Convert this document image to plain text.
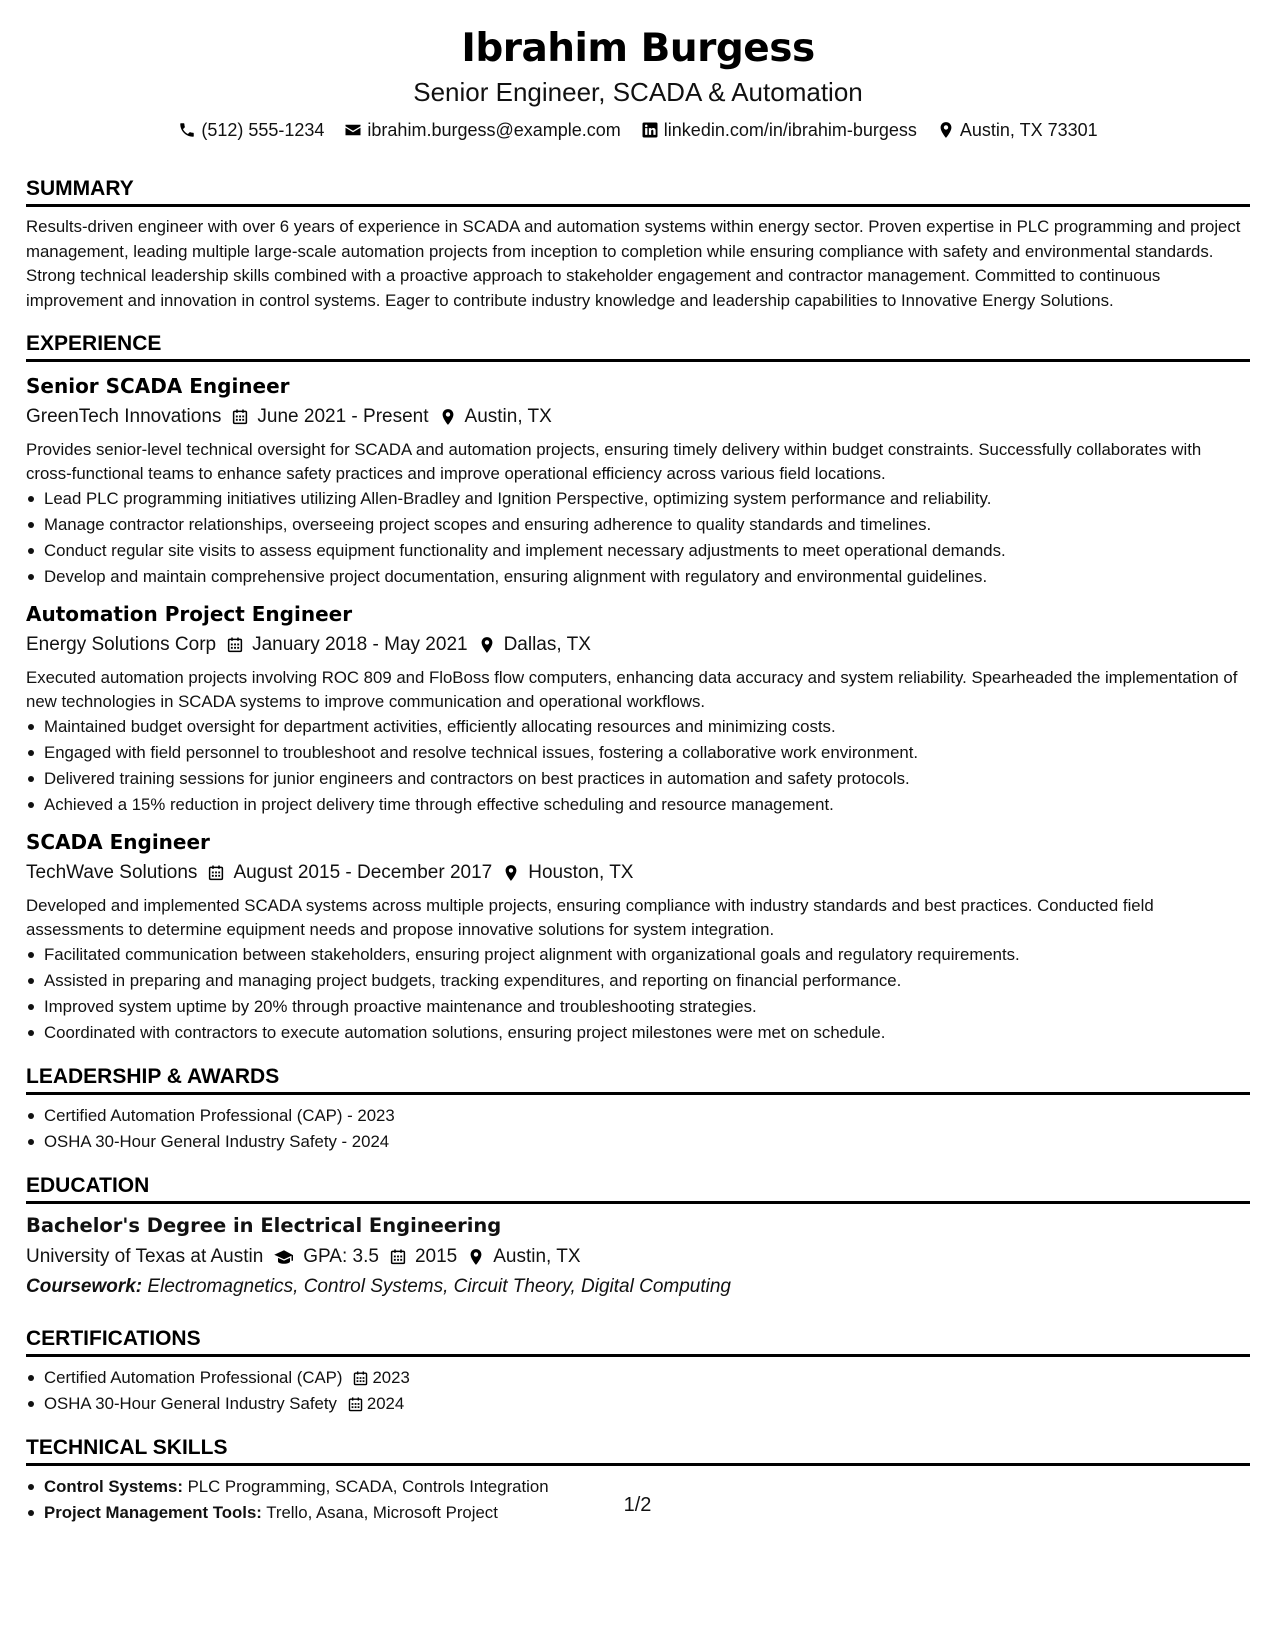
Ibrahim Burgess
Senior Engineer, SCADA & Automation
(512) 555-1234 ibrahim.burgess@example.com linkedin.com/in/ibrahim-burgess Austin, TX 73301
SUMMARY
Results-driven engineer with over 6 years of experience in SCADA and automation systems within energy sector. Proven expertise in PLC programming and project management, leading multiple large-scale automation projects from inception to completion while ensuring compliance with safety and environmental standards. Strong technical leadership skills combined with a proactive approach to stakeholder engagement and contractor management. Committed to continuous improvement and innovation in control systems. Eager to contribute industry knowledge and leadership capabilities to Innovative Energy Solutions.
EXPERIENCE
Senior SCADA Engineer
GreenTech Innovations June 2021 - Present Austin, TX
Provides senior-level technical oversight for SCADA and automation projects, ensuring timely delivery within budget constraints. Successfully collaborates with cross-functional teams to enhance safety practices and improve operational efficiency across various field locations.
Lead PLC programming initiatives utilizing Allen-Bradley and Ignition Perspective, optimizing system performance and reliability.
Manage contractor relationships, overseeing project scopes and ensuring adherence to quality standards and timelines.
Conduct regular site visits to assess equipment functionality and implement necessary adjustments to meet operational demands.
Develop and maintain comprehensive project documentation, ensuring alignment with regulatory and environmental guidelines.
Automation Project Engineer
Energy Solutions Corp January 2018 - May 2021 Dallas, TX
Executed automation projects involving ROC 809 and FloBoss flow computers, enhancing data accuracy and system reliability. Spearheaded the implementation of new technologies in SCADA systems to improve communication and operational workflows.
Maintained budget oversight for department activities, efficiently allocating resources and minimizing costs.
Engaged with field personnel to troubleshoot and resolve technical issues, fostering a collaborative work environment.
Delivered training sessions for junior engineers and contractors on best practices in automation and safety protocols.
Achieved a 15% reduction in project delivery time through effective scheduling and resource management.
SCADA Engineer
TechWave Solutions August 2015 - December 2017 Houston, TX
Developed and implemented SCADA systems across multiple projects, ensuring compliance with industry standards and best practices. Conducted field assessments to determine equipment needs and propose innovative solutions for system integration.
Facilitated communication between stakeholders, ensuring project alignment with organizational goals and regulatory requirements.
Assisted in preparing and managing project budgets, tracking expenditures, and reporting on financial performance.
Improved system uptime by 20% through proactive maintenance and troubleshooting strategies.
Coordinated with contractors to execute automation solutions, ensuring project milestones were met on schedule.
LEADERSHIP & AWARDS
Certified Automation Professional (CAP) - 2023
OSHA 30-Hour General Industry Safety - 2024
EDUCATION
Bachelor's Degree in Electrical Engineering
University of Texas at Austin GPA: 3.5 2015 Austin, TX
Coursework: Electromagnetics, Control Systems, Circuit Theory, Digital Computing
CERTIFICATIONS
Certified Automation Professional (CAP) 2023
OSHA 30-Hour General Industry Safety 2024
TECHNICAL SKILLS
Control Systems: PLC Programming, SCADA, Controls Integration
Project Management Tools: Trello, Asana, Microsoft Project	1/2
